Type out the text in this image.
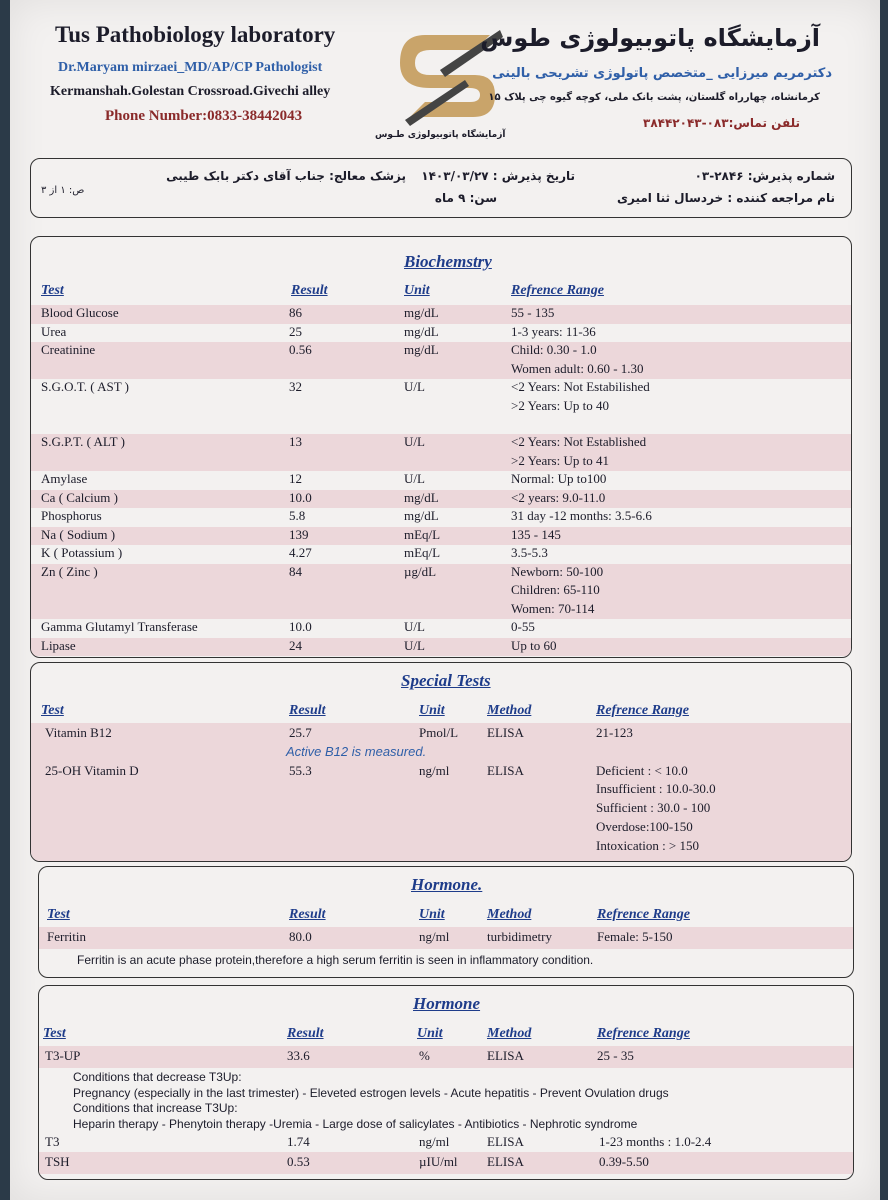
Tus Pathobiology laboratory
Dr.Maryam mirzaei_MD/AP/CP Pathologist
Kermanshah.Golestan Crossroad.Givechi alley
Phone Number:0833-38442043
آزمایشگاه پاتوبیولوژی طـوس
آزمایشگاه پاتوبیولوژی طوس
دکترمریم میرزایی _متخصص پاتولوژی تشریحی بالینی
کرمانشاه، چهارراه گلستان، پشت بانک ملی، کوچه گیوه چی پلاک ۱۵
تلفن تماس:۰۸۳-۳۸۴۴۲۰۴۳
شماره پذیرش: ۲۸۴۶-۰۳
تاریخ پذیرش : ۱۴۰۳/۰۳/۲۷
پزشک معالج: جناب آقای دکتر بابک طیبی
نام مراجعه کننده : خردسال ثنا امیری
سن: ۹ ماه
ص: ۱ از ۳
Biochemstry
Test	Result	Unit	Refrence Range
Blood Glucose	86	mg/dL	55 - 135
Urea	25	mg/dL	1-3 years: 11-36
Creatinine	0.56	mg/dL	Child: 0.30 - 1.0
Women adult: 0.60 - 1.30
S.G.O.T. ( AST )	32	U/L	<2 Years: Not Estabilished
>2 Years: Up to 40
S.G.P.T. ( ALT )	13	U/L	<2 Years: Not Established
>2 Years: Up to 41
Amylase	12	U/L	Normal: Up to100
Ca ( Calcium )	10.0	mg/dL	<2 years: 9.0-11.0
Phosphorus	5.8	mg/dL	31 day -12 months: 3.5-6.6
Na ( Sodium )	139	mEq/L	135 - 145
K ( Potassium )	4.27	mEq/L	3.5-5.3
Zn ( Zinc )	84	µg/dL	Newborn: 50-100
Children: 65-110
Women: 70-114
Gamma Glutamyl Transferase	10.0	U/L	0-55
Lipase	24	U/L	Up to 60
Special Tests
Test	Result	Unit	Method	Refrence Range
Vitamin B12	25.7	Pmol/L ELISA	21-123
Active B12 is measured.
25-OH Vitamin D	55.3	ng/ml	ELISA	Deficient : < 10.0
Insufficient : 10.0-30.0
Sufficient : 30.0 - 100
Overdose:100-150
Intoxication : > 150
Hormone.
Test	Result	Unit	Method	Refrence Range
Ferritin	80.0	ng/ml	turbidimetry	Female: 5-150
Ferritin is an acute phase protein,therefore a high serum ferritin is seen in inflammatory condition.
Hormone
Test	Result	Unit	Method	Refrence Range
T3-UP	33.6	%	ELISA	25 - 35
Conditions that decrease T3Up:
Pregnancy (especially in the last trimester) - Eleveted estrogen levels - Acute hepatitis - Prevent Ovulation drugs
Conditions that increase T3Up:
Heparin therapy - Phenytoin therapy -Uremia - Large dose of salicylates - Antibiotics - Nephrotic syndrome
T3	1.74	ng/ml	ELISA	1-23 months : 1.0-2.4
TSH	0.53	µIU/ml ELISA	0.39-5.50
